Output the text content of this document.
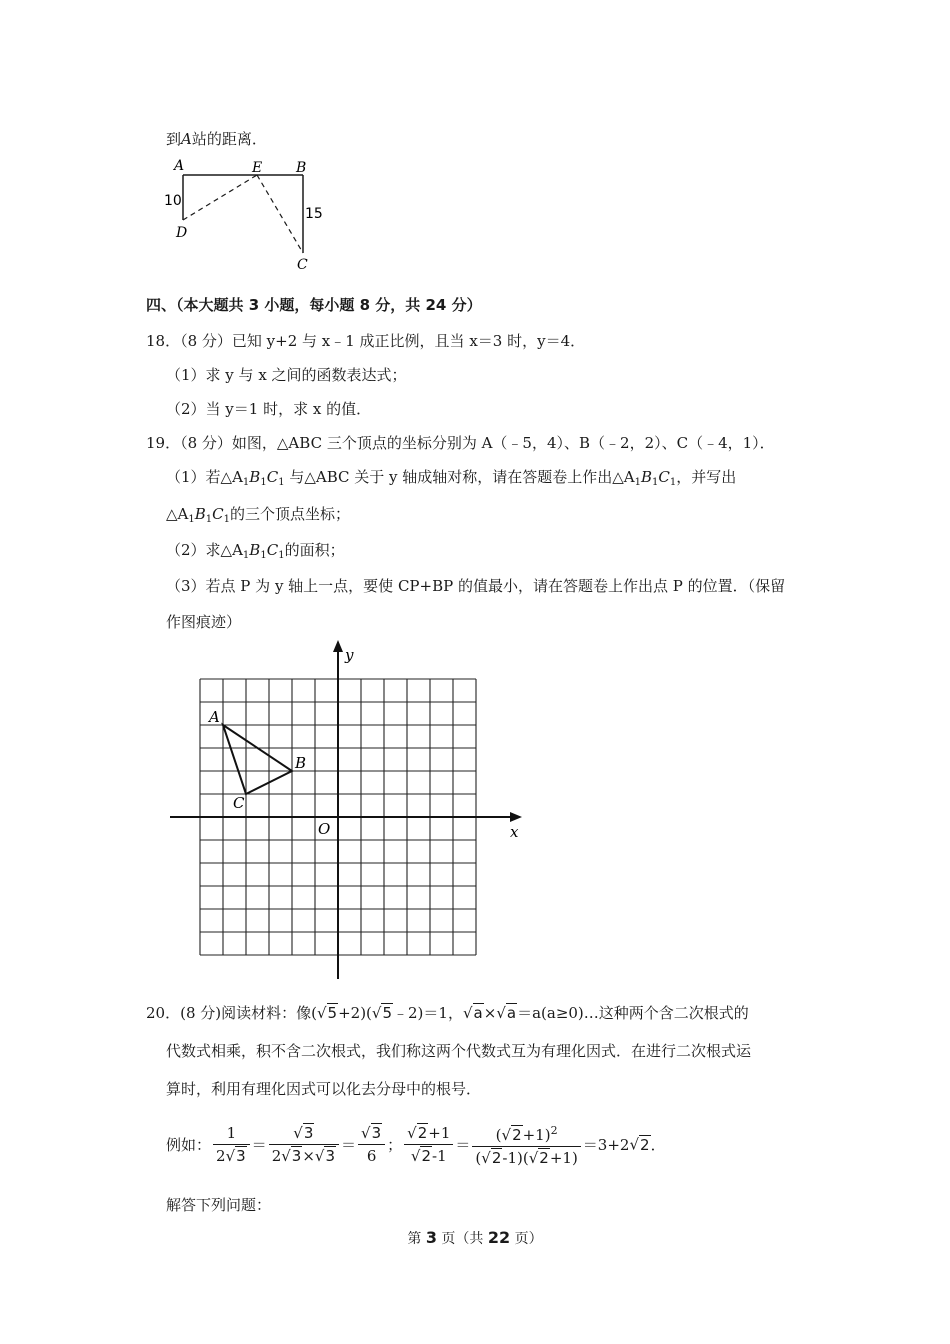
到A站的距离．
A	E B
D
C
10
15
四、（本大题共 3 小题，每小题 8 分，共 24 分）
18．（8 分）已知 y+2 与 x﹣1 成正比例，且当 x＝3 时，y＝4．
（1）求 y 与 x 之间的函数表达式；
（2）当 y＝1 时，求 x 的值．
19．（8 分）如图，△ABC 三个顶点的坐标分别为 A（﹣5，4）、B（﹣2，2）、C（﹣4，1）．
（1）若$\triangle A_1B_1C_1$ 与△ABC 关于 y 轴成轴对称，请在答题卷上作出$\triangle A_1B_1C_1$，并写出
$\triangle A_1B_1C_1$的三个顶点坐标；
（2）求$\triangle A_1B_1C_1$的面积；
（3）若点 P 为 y 轴上一点，要使 CP+BP 的值最小，请在答题卷上作出点 P 的位置．（保留
作图痕迹）
A
B
C
O	x
y
20．(8 分)阅读材料：像(√5+2)(√5﹣2)＝1，√a×√a＝a(a≥0)…这种两个含二次根式的
代数式相乘，积不含二次根式，我们称这两个代数式互为有理化因式．在进行二次根式运
算时，利用有理化因式可以化去分母中的根号．
例如： $\frac{1}{2√3} = \frac{√3}{2√3\times√3} = \frac{√3}{6}$ ； $\frac{√2+1}{√2-1} = \frac{(√2+1)^2}{(√2-1)(√2+1)} =3+2√2$．
解答下列问题：
第 3 页（共 22 页）
